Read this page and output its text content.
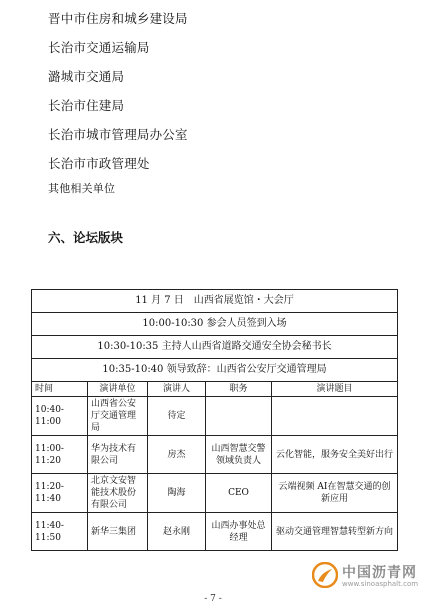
晋中市住房和城乡建设局
长治市交通运输局
潞城市交通局
长治市住建局
长治市城市管理局办公室
长治市市政管理处
其他相关单位
六、论坛版块
11 月 7 日　山西省展览馆・大会厅				
10:00-10:30 参会人员签到入场				
10:30-10:35 主持人山西省道路交通安全协会秘书长				
10:35-10:40 领导致辞：山西省公安厅交通管理局				
时间	演讲单位	演讲人	职务	演讲题目
10:40-11:00	山西省公安厅交通管理局	待定		
11:00-11:20	华为技术有限公司	房杰	山西智慧交警领域负责人	云化智能，服务安全美好出行
11:20-11:40	北京文安智能技术股份有限公司	陶海	CEO	云端视频 AI在智慧交通的创新应用
11:40-11:50	新华三集团	赵永刚	山西办事处总经理	驱动交通管理智慧转型新方向
中国沥青网
www.sinoasphalt.com
- 7 -
